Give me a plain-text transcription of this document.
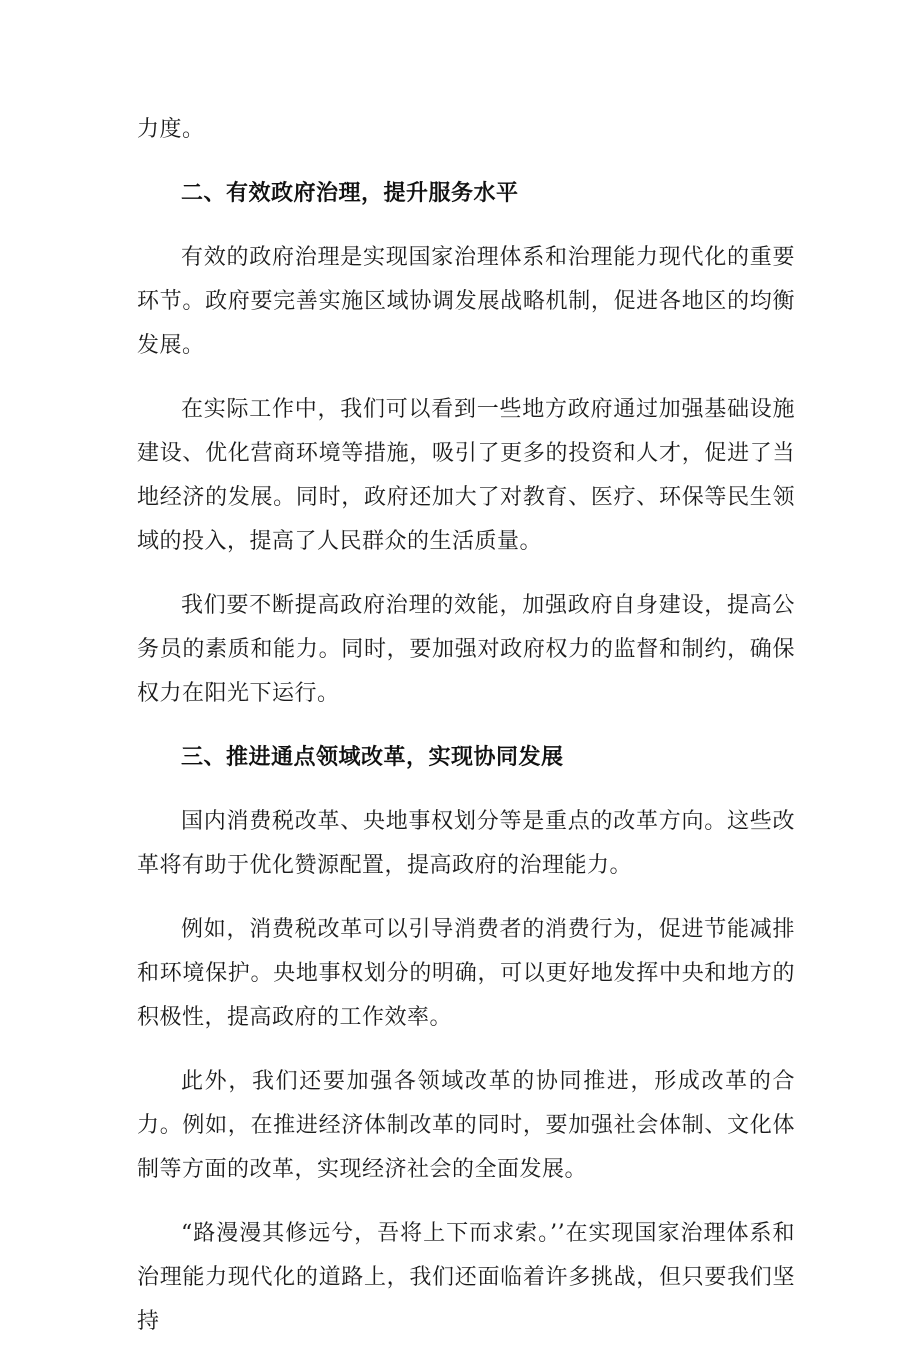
力度。

二、有效政府治理，提升服务水平

有效的政府治理是实现国家治理体系和治理能力现代化的重要环节。政府要完善实施区域协调发展战略机制，促进各地区的均衡发展。

在实际工作中，我们可以看到一些地方政府通过加强基础设施建设、优化营商环境等措施，吸引了更多的投资和人才，促进了当地经济的发展。同时，政府还加大了对教育、医疗、环保等民生领域的投入，提高了人民群众的生活质量。

我们要不断提高政府治理的效能，加强政府自身建设，提高公务员的素质和能力。同时，要加强对政府权力的监督和制约，确保权力在阳光下运行。

三、推进通点领域改革，实现协同发展

国内消费税改革、央地事权划分等是重点的改革方向。这些改革将有助于优化赞源配置，提高政府的治理能力。

例如，消费税改革可以引导消费者的消费行为，促进节能减排和环境保护。央地事权划分的明确，可以更好地发挥中央和地方的积极性，提高政府的工作效率。

此外，我们还要加强各领域改革的协同推进，形成改革的合力。例如，在推进经济体制改革的同时，要加强社会体制、文化体制等方面的改革，实现经济社会的全面发展。

“路漫漫其修远兮，吾将上下而求索。’’在实现国家治理体系和治理能力现代化的道路上，我们还面临着许多挑战，但只要我们坚持
